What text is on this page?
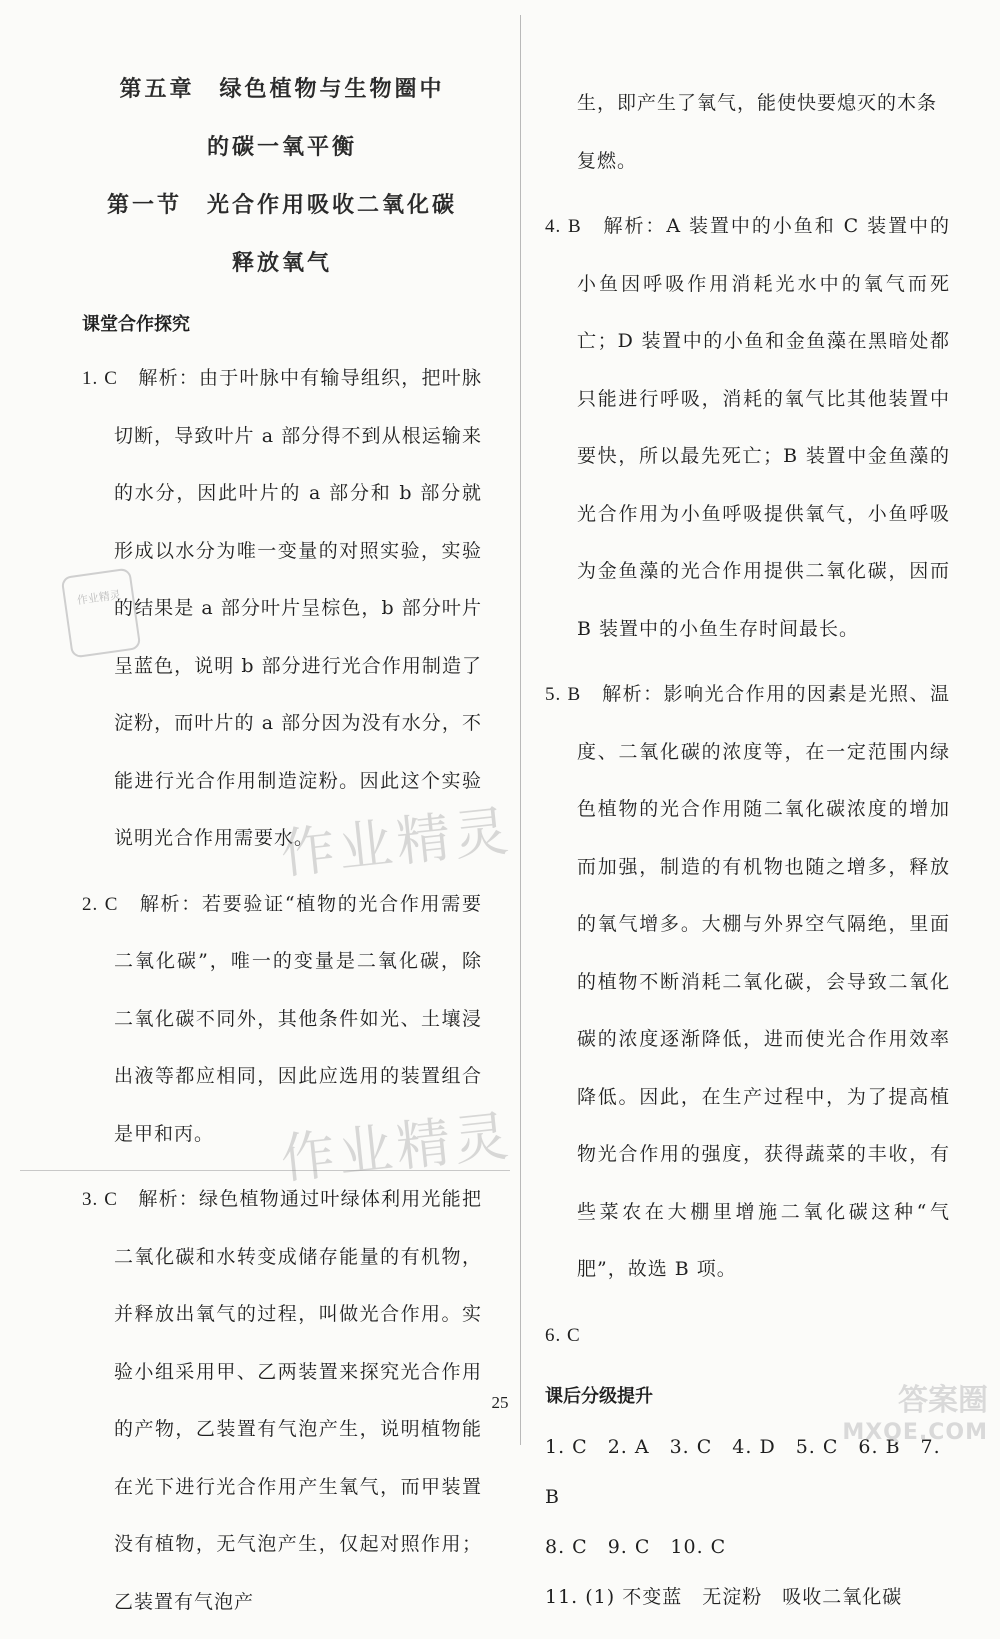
第五章　绿色植物与生物圈中

的碳一氧平衡

第一节　光合作用吸收二氧化碳

释放氧气

课堂合作探究

1. C　解析：由于叶脉中有输导组织，把叶脉切断，导致叶片 a 部分得不到从根运输来的水分，因此叶片的 a 部分和 b 部分就形成以水分为唯一变量的对照实验，实验的结果是 a 部分叶片呈棕色，b 部分叶片呈蓝色，说明 b 部分进行光合作用制造了淀粉，而叶片的 a 部分因为没有水分，不能进行光合作用制造淀粉。因此这个实验说明光合作用需要水。

2. C　解析：若要验证“植物的光合作用需要二氧化碳”，唯一的变量是二氧化碳，除二氧化碳不同外，其他条件如光、土壤浸出液等都应相同，因此应选用的装置组合是甲和丙。

3. C　解析：绿色植物通过叶绿体利用光能把二氧化碳和水转变成储存能量的有机物，并释放出氧气的过程，叫做光合作用。实验小组采用甲、乙两装置来探究光合作用的产物，乙装置有气泡产生，说明植物能在光下进行光合作用产生氧气，而甲装置没有植物，无气泡产生，仅起对照作用；乙装置有气泡产

生，即产生了氧气，能使快要熄灭的木条复燃。

4. B　解析：A 装置中的小鱼和 C 装置中的小鱼因呼吸作用消耗光水中的氧气而死亡；D 装置中的小鱼和金鱼藻在黑暗处都只能进行呼吸，消耗的氧气比其他装置中要快，所以最先死亡；B 装置中金鱼藻的光合作用为小鱼呼吸提供氧气，小鱼呼吸为金鱼藻的光合作用提供二氧化碳，因而 B 装置中的小鱼生存时间最长。

5. B　解析：影响光合作用的因素是光照、温度、二氧化碳的浓度等，在一定范围内绿色植物的光合作用随二氧化碳浓度的增加而加强，制造的有机物也随之增多，释放的氧气增多。大棚与外界空气隔绝，里面的植物不断消耗二氧化碳，会导致二氧化碳的浓度逐渐降低，进而使光合作用效率降低。因此，在生产过程中，为了提高植物光合作用的强度，获得蔬菜的丰收，有些菜农在大棚里增施二氧化碳这种“气肥”，故选 B 项。

6. C

课后分级提升

1. C　2. A　3. C　4. D　5. C　6. B　7. B

8. C　9. C　10. C

11. (1) 不变蓝　无淀粉　吸收二氧化碳

作业精灵
作业精灵
作业精灵
25	答案圈
MXQE.COM
